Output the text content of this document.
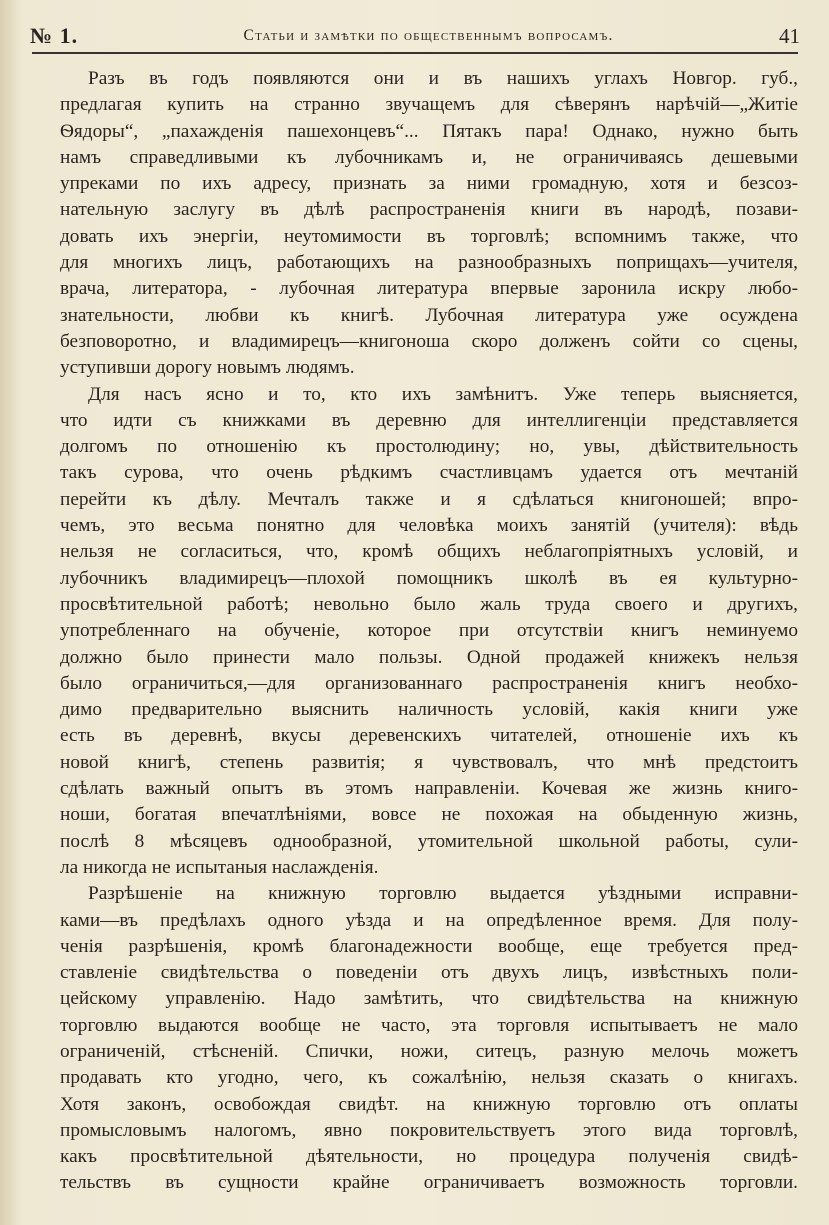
№ 1.	Статьи и замѣтки по общественнымъ вопросамъ.	41
Разъ въ годъ появляются они и въ нашихъ углахъ Новгор. губ.,
предлагая купить на странно звучащемъ для сѣверянъ нарѣчій—„Житіе
Ѳядоры“, „пахажденія пашехонцевъ“... Пятакъ пара! Однако, нужно быть
намъ справедливыми къ лубочникамъ и, не ограничиваясь дешевыми
упреками по ихъ адресу, признать за ними громадную, хотя и безсоз-
нательную заслугу въ дѣлѣ распространенія книги въ народѣ, позави-
довать ихъ энергіи, неутомимости въ торговлѣ; вспомнимъ также, что
для многихъ лицъ, работающихъ на разнообразныхъ поприщахъ—учителя,
врача, литератора, - лубочная литература впервые заронила искру любо-
знательности, любви къ книгѣ. Лубочная литература уже осуждена
безповоротно, и владимирецъ—книгоноша скоро долженъ сойти со сцены,
уступивши дорогу новымъ людямъ.
Для насъ ясно и то, кто ихъ замѣнитъ. Уже теперь выясняется,
что идти съ книжками въ деревню для интеллигенціи представляется
долгомъ по отношенію къ простолюдину; но, увы, дѣйствительность
такъ сурова, что очень рѣдкимъ счастливцамъ удается отъ мечтаній
перейти къ дѣлу. Мечталъ также и я сдѣлаться книгоношей; впро-
чемъ, это весьма понятно для человѣка моихъ занятій (учителя): вѣдь
нельзя не согласиться, что, кромѣ общихъ неблагопріятныхъ условій, и
лубочникъ владимирецъ—плохой помощникъ школѣ въ ея культурно-
просвѣтительной работѣ; невольно было жаль труда своего и другихъ,
употребленнаго на обученіе, которое при отсутствіи книгъ неминуемо
должно было принести мало пользы. Одной продажей книжекъ нельзя
было ограничиться,—для организованнаго распространенія книгъ необхо-
димо предварительно выяснить наличность условій, какія книги уже
есть въ деревнѣ, вкусы деревенскихъ читателей, отношеніе ихъ къ
новой книгѣ, степень развитія; я чувствовалъ, что мнѣ предстоитъ
сдѣлать важный опытъ въ этомъ направленіи. Кочевая же жизнь книго-
ноши, богатая впечатлѣніями, вовсе не похожая на обыденную жизнь,
послѣ 8 мѣсяцевъ однообразной, утомительной школьной работы, сули-
ла никогда не испытаныя наслажденія.
Разрѣшеніе на книжную торговлю выдается уѣздными исправни-
ками—въ предѣлахъ одного уѣзда и на опредѣленное время. Для полу-
ченія разрѣшенія, кромѣ благонадежности вообще, еще требуется пред-
ставленіе свидѣтельства о поведеніи отъ двухъ лицъ, извѣстныхъ поли-
цейскому управленію. Надо замѣтить, что свидѣтельства на книжную
торговлю выдаются вообще не часто, эта торговля испытываетъ не мало
ограниченій, стѣсненій. Спички, ножи, ситецъ, разную мелочь можетъ
продавать кто угодно, чего, къ сожалѣнію, нельзя сказать о книгахъ.
Хотя законъ, освобождая свидѣт. на книжную торговлю отъ оплаты
промысловымъ налогомъ, явно покровительствуетъ этого вида торговлѣ,
какъ просвѣтительной дѣятельности, но процедура полученія свидѣ-
тельствъ въ сущности крайне ограничиваетъ возможность торговли.
